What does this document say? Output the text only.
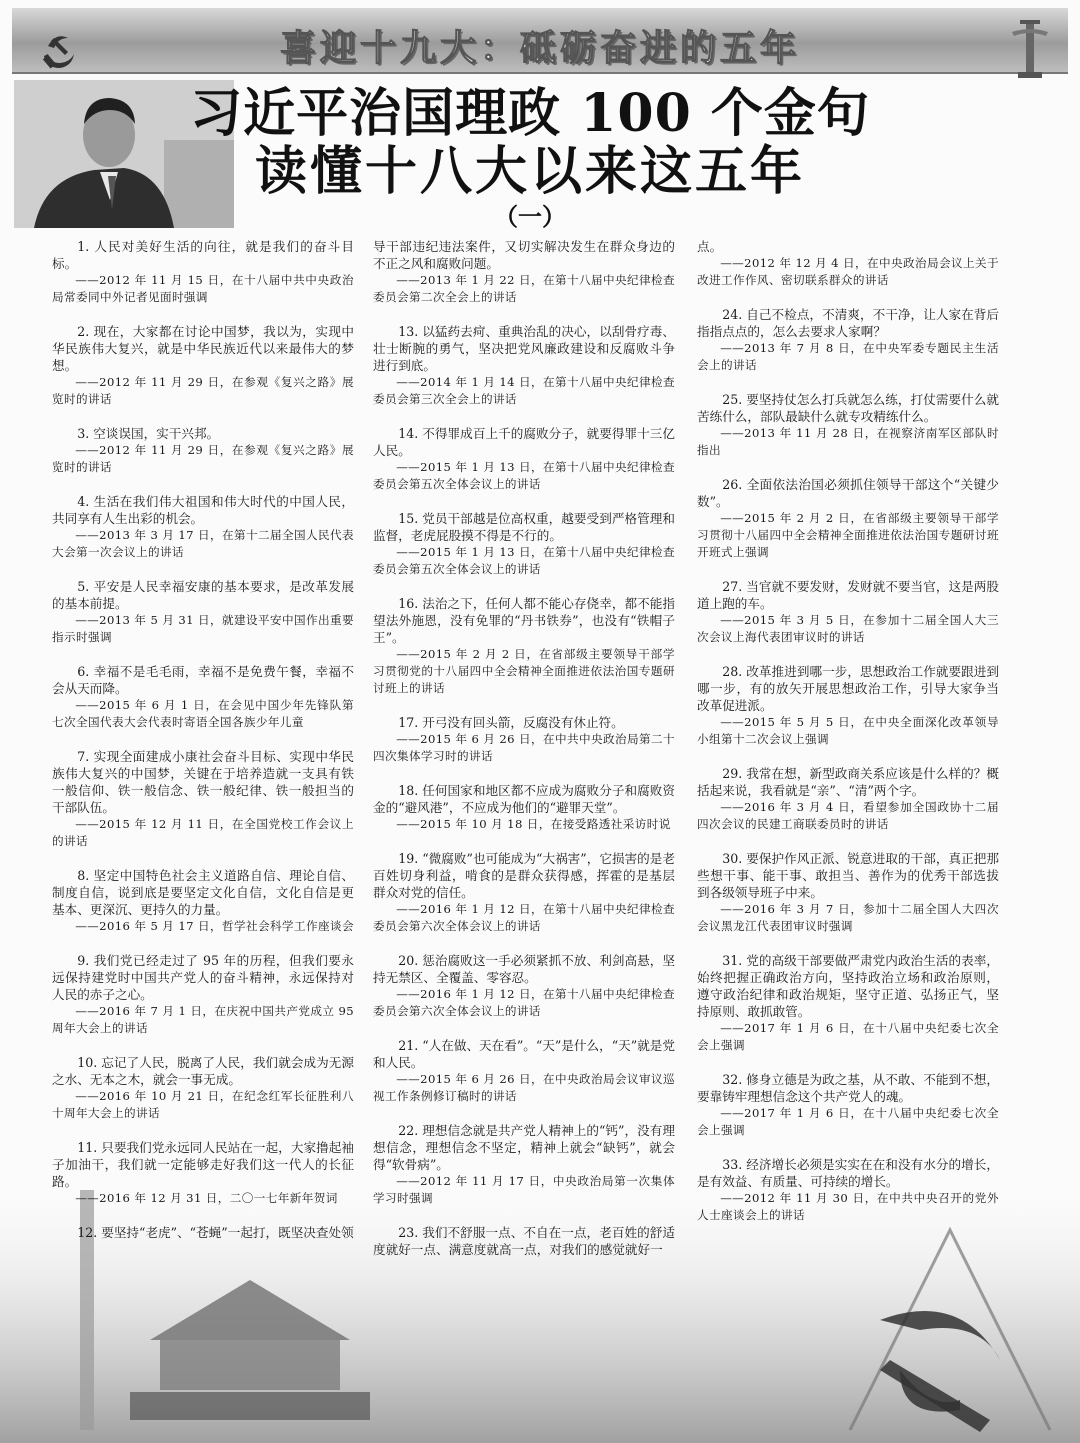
喜迎十九大：砥砺奋进的五年
习近平治国理政 100 个金句
读懂十八大以来这五年
（一）

1. 人民对美好生活的向往，就是我们的奋斗目标。

——2012 年 11 月 15 日，在十八届中共中央政治局常委同中外记者见面时强调

2. 现在，大家都在讨论中国梦，我以为，实现中华民族伟大复兴，就是中华民族近代以来最伟大的梦想。

——2012 年 11 月 29 日，在参观《复兴之路》展览时的讲话

3. 空谈误国，实干兴邦。

——2012 年 11 月 29 日，在参观《复兴之路》展览时的讲话

4. 生活在我们伟大祖国和伟大时代的中国人民，共同享有人生出彩的机会。

——2013 年 3 月 17 日，在第十二届全国人民代表大会第一次会议上的讲话

5. 平安是人民幸福安康的基本要求，是改革发展的基本前提。

——2013 年 5 月 31 日，就建设平安中国作出重要指示时强调

6. 幸福不是毛毛雨，幸福不是免费午餐，幸福不会从天而降。

——2015 年 6 月 1 日，在会见中国少年先锋队第七次全国代表大会代表时寄语全国各族少年儿童

7. 实现全面建成小康社会奋斗目标、实现中华民族伟大复兴的中国梦，关键在于培养造就一支具有铁一般信仰、铁一般信念、铁一般纪律、铁一般担当的干部队伍。

——2015 年 12 月 11 日，在全国党校工作会议上的讲话

8. 坚定中国特色社会主义道路自信、理论自信、制度自信，说到底是要坚定文化自信，文化自信是更基本、更深沉、更持久的力量。

——2016 年 5 月 17 日，哲学社会科学工作座谈会

9. 我们党已经走过了 95 年的历程，但我们要永远保持建党时中国共产党人的奋斗精神，永远保持对人民的赤子之心。

——2016 年 7 月 1 日，在庆祝中国共产党成立 95 周年大会上的讲话

10. 忘记了人民，脱离了人民，我们就会成为无源之水、无本之木，就会一事无成。

——2016 年 10 月 21 日，在纪念红军长征胜利八十周年大会上的讲话

11. 只要我们党永远同人民站在一起，大家撸起袖子加油干，我们就一定能够走好我们这一代人的长征路。

——2016 年 12 月 31 日，二〇一七年新年贺词

12. 要坚持“老虎”、“苍蝇”一起打，既坚决查处领

导干部违纪违法案件，又切实解决发生在群众身边的不正之风和腐败问题。

——2013 年 1 月 22 日，在第十八届中央纪律检查委员会第二次全会上的讲话

13. 以猛药去疴、重典治乱的决心，以刮骨疗毒、壮士断腕的勇气，坚决把党风廉政建设和反腐败斗争进行到底。

——2014 年 1 月 14 日，在第十八届中央纪律检查委员会第三次全会上的讲话

14. 不得罪成百上千的腐败分子，就要得罪十三亿人民。

——2015 年 1 月 13 日，在第十八届中央纪律检查委员会第五次全体会议上的讲话

15. 党员干部越是位高权重，越要受到严格管理和监督，老虎屁股摸不得是不行的。

——2015 年 1 月 13 日，在第十八届中央纪律检查委员会第五次全体会议上的讲话

16. 法治之下，任何人都不能心存侥幸，都不能指望法外施恩，没有免罪的“丹书铁券”，也没有“铁帽子王”。

——2015 年 2 月 2 日，在省部级主要领导干部学习贯彻党的十八届四中全会精神全面推进依法治国专题研讨班上的讲话

17. 开弓没有回头箭，反腐没有休止符。

——2015 年 6 月 26 日，在中共中央政治局第二十四次集体学习时的讲话

18. 任何国家和地区都不应成为腐败分子和腐败资金的“避风港”，不应成为他们的“避罪天堂”。

——2015 年 10 月 18 日，在接受路透社采访时说

19. “微腐败”也可能成为“大祸害”，它损害的是老百姓切身利益，啃食的是群众获得感，挥霍的是基层群众对党的信任。

——2016 年 1 月 12 日，在第十八届中央纪律检查委员会第六次全体会议上的讲话

20. 惩治腐败这一手必须紧抓不放、利剑高悬，坚持无禁区、全覆盖、零容忍。

——2016 年 1 月 12 日，在第十八届中央纪律检查委员会第六次全体会议上的讲话

21. “人在做、天在看”。“天”是什么，“天”就是党和人民。

——2015 年 6 月 26 日，在中央政治局会议审议巡视工作条例修订稿时的讲话

22. 理想信念就是共产党人精神上的“钙”，没有理想信念，理想信念不坚定，精神上就会“缺钙”，就会得“软骨病”。

——2012 年 11 月 17 日，中央政治局第一次集体学习时强调

23. 我们不舒服一点、不自在一点，老百姓的舒适度就好一点、满意度就高一点，对我们的感觉就好一

点。

——2012 年 12 月 4 日，在中央政治局会议上关于改进工作作风、密切联系群众的讲话

24. 自己不检点，不清爽，不干净，让人家在背后指指点点的，怎么去要求人家啊？

——2013 年 7 月 8 日，在中央军委专题民主生活会上的讲话

25. 要坚持仗怎么打兵就怎么练，打仗需要什么就苦练什么，部队最缺什么就专攻精练什么。

——2013 年 11 月 28 日，在视察济南军区部队时指出

26. 全面依法治国必须抓住领导干部这个“关键少数”。

——2015 年 2 月 2 日，在省部级主要领导干部学习贯彻十八届四中全会精神全面推进依法治国专题研讨班开班式上强调

27. 当官就不要发财，发财就不要当官，这是两股道上跑的车。

——2015 年 3 月 5 日，在参加十二届全国人大三次会议上海代表团审议时的讲话

28. 改革推进到哪一步，思想政治工作就要跟进到哪一步，有的放矢开展思想政治工作，引导大家争当改革促进派。

——2015 年 5 月 5 日，在中央全面深化改革领导小组第十二次会议上强调

29. 我常在想，新型政商关系应该是什么样的？概括起来说，我看就是“亲”、“清”两个字。

——2016 年 3 月 4 日，看望参加全国政协十二届四次会议的民建工商联委员时的讲话

30. 要保护作风正派、锐意进取的干部，真正把那些想干事、能干事、敢担当、善作为的优秀干部选拔到各级领导班子中来。

——2016 年 3 月 7 日，参加十二届全国人大四次会议黑龙江代表团审议时强调

31. 党的高级干部要做严肃党内政治生活的表率，始终把握正确政治方向，坚持政治立场和政治原则，遵守政治纪律和政治规矩，坚守正道、弘扬正气，坚持原则、敢抓敢管。

——2017 年 1 月 6 日，在十八届中央纪委七次全会上强调

32. 修身立德是为政之基，从不敢、不能到不想，要靠铸牢理想信念这个共产党人的魂。

——2017 年 1 月 6 日，在十八届中央纪委七次全会上强调

33. 经济增长必须是实实在在和没有水分的增长，是有效益、有质量、可持续的增长。

——2012 年 11 月 30 日，在中共中央召开的党外人士座谈会上的讲话
